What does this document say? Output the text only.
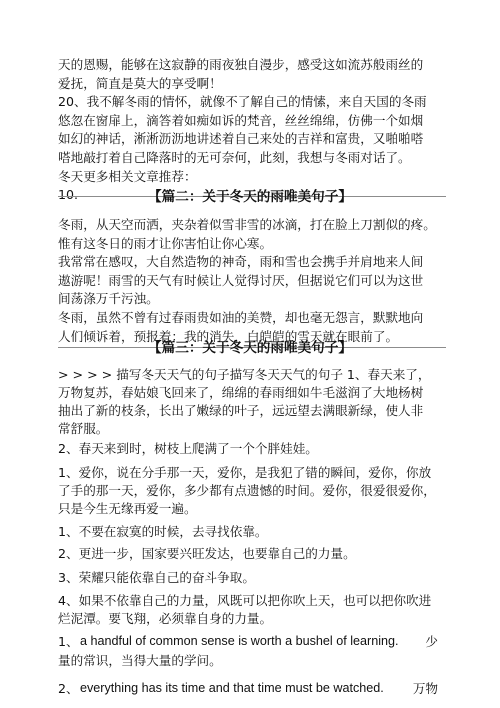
天的恩赐，能够在这寂静的雨夜独自漫步，感受这如流苏般雨丝的

爱抚，简直是莫大的享受啊！

20、我不解冬雨的情怀，就像不了解自己的情愫，来自天国的冬雨

悠忽在窗扉上，滴答着如痴如诉的梵音，丝丝绵绵，仿佛一个如烟

如幻的神话，淅淅沥沥地讲述着自己来处的吉祥和富贵，又啪啪嗒

嗒地敲打着自己降落时的无可奈何，此刻，我想与冬雨对话了。

冬天更多相关文章推荐：

10.	【篇二：关于冬天的雨唯美句子】

冬雨，从天空而洒，夹杂着似雪非雪的冰滴，打在脸上刀割似的疼。

惟有这冬日的雨才让你害怕让你心寒。

我常常在感叹，大自然造物的神奇，雨和雪也会携手并肩地来人间

遨游呢！雨雪的天气有时候让人觉得讨厌，但据说它们可以为这世

间荡涤万千污浊。

冬雨，虽然不曾有过春雨贵如油的美赞，却也毫无怨言，默默地向

人们倾诉着，预报着：我的消失，白皑皑的雪天就在眼前了。

【篇三：关于冬天的雨唯美句子】

> > > > 描写冬天天气的句子描写冬天天气的句子 1、春天来了，

万物复苏，春姑娘飞回来了，绵绵的春雨细如牛毛滋润了大地杨树

抽出了新的枝条，长出了嫩绿的叶子，远远望去满眼新绿，使人非

常舒服。

2、春天来到时，树枝上爬满了一个个胖娃娃。

1、爱你，说在分手那一天，爱你，是我犯了错的瞬间，爱你，你放

了手的那一天，爱你，多少都有点遗憾的时间。爱你，很爱很爱你，

只是今生无缘再爱一遍。

1、不要在寂寞的时候，去寻找依靠。

2、更进一步，国家要兴旺发达，也要靠自己的力量。

3、荣耀只能依靠自己的奋斗争取。

4、如果不依靠自己的力量，风既可以把你吹上天，也可以把你吹进

烂泥潭。要飞翔，必须靠自身的力量。

1、 a handful of common sense is worth a bushel of learning. 少
量的常识，当得大量的学问。
2、 everything has its time and that time must be watched. 万物
